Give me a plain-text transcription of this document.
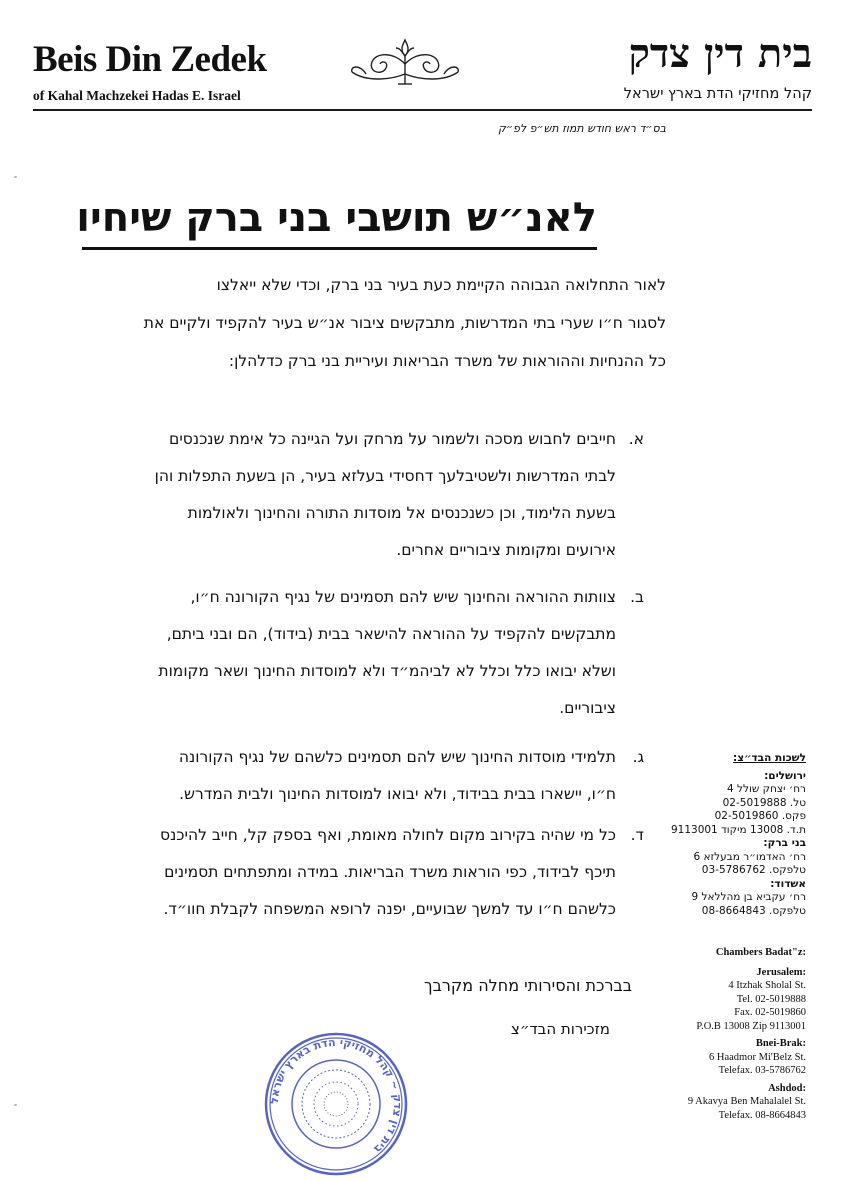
Beis Din Zedek
of Kahal Machzekei Hadas E. Israel
בית דין צדק
קהל מחזיקי הדת בארץ ישראל
בס״ד ראש חודש תמוז תש״פ לפ״ק
לאנ״ש תושבי בני ברק שיחיו
לאור התחלואה הגבוהה הקיימת כעת בעיר בני ברק, וכדי שלא ייאלצו
לסגור ח״ו שערי בתי המדרשות, מתבקשים ציבור אנ״ש בעיר להקפיד ולקיים את
כל ההנחיות וההוראות של משרד הבריאות ועיריית בני ברק כדלהלן:
א.
חייבים לחבוש מסכה ולשמור על מרחק ועל הגיינה כל אימת שנכנסים
לבתי המדרשות ולשטיבלעך דחסידי בעלזא בעיר, הן בשעת התפלות והן
בשעת הלימוד, וכן כשנכנסים אל מוסדות התורה והחינוך ולאולמות
אירועים ומקומות ציבוריים אחרים.
ב.
צוותות ההוראה והחינוך שיש להם תסמינים של נגיף הקורונה ח״ו,
מתבקשים להקפיד על ההוראה להישאר בבית (בידוד), הם ובני ביתם,
ושלא יבואו כלל וכלל לא לביהמ״ד ולא למוסדות החינוך ושאר מקומות
ציבוריים.
ג.
תלמידי מוסדות החינוך שיש להם תסמינים כלשהם של נגיף הקורונה
ח״ו, יישארו בבית בבידוד, ולא יבואו למוסדות החינוך ולבית המדרש.
ד.
כל מי שהיה בקירוב מקום לחולה מאומת, ואף בספק קל, חייב להיכנס
תיכף לבידוד, כפי הוראות משרד הבריאות. במידה ומתפתחים תסמינים
כלשהם ח״ו עד למשך שבועיים, יפנה לרופא המשפחה לקבלת חוו״ד.
בברכת והסירותי מחלה מקרבך
מזכירות הבד״צ
בית דין צדק ~ קהל מחזיקי הדת בארץ ישראל
לשכות הבד״צ:
ירושלים:
רח׳ יצחק שולל 4
טל. 02-5019888
פקס. 02-5019860
ת.ד. 13008 מיקוד 9113001
בני ברק:
רח׳ האדמו״ר מבעלזא 6
טלפקס. 03-5786762
אשדוד:
רח׳ עקביא בן מהללאל 9
טלפקס. 08-8664843
Chambers Badat"z:
Jerusalem:
4 Itzhak Sholal St.
Tel. 02-5019888
Fax. 02-5019860
P.O.B 13008 Zip 9113001
Bnei-Brak:
6 Haadmor Mi'Belz St.
Telefax. 03-5786762
Ashdod:
9 Akavya Ben Mahalalel St.
Telefax. 08-8664843
